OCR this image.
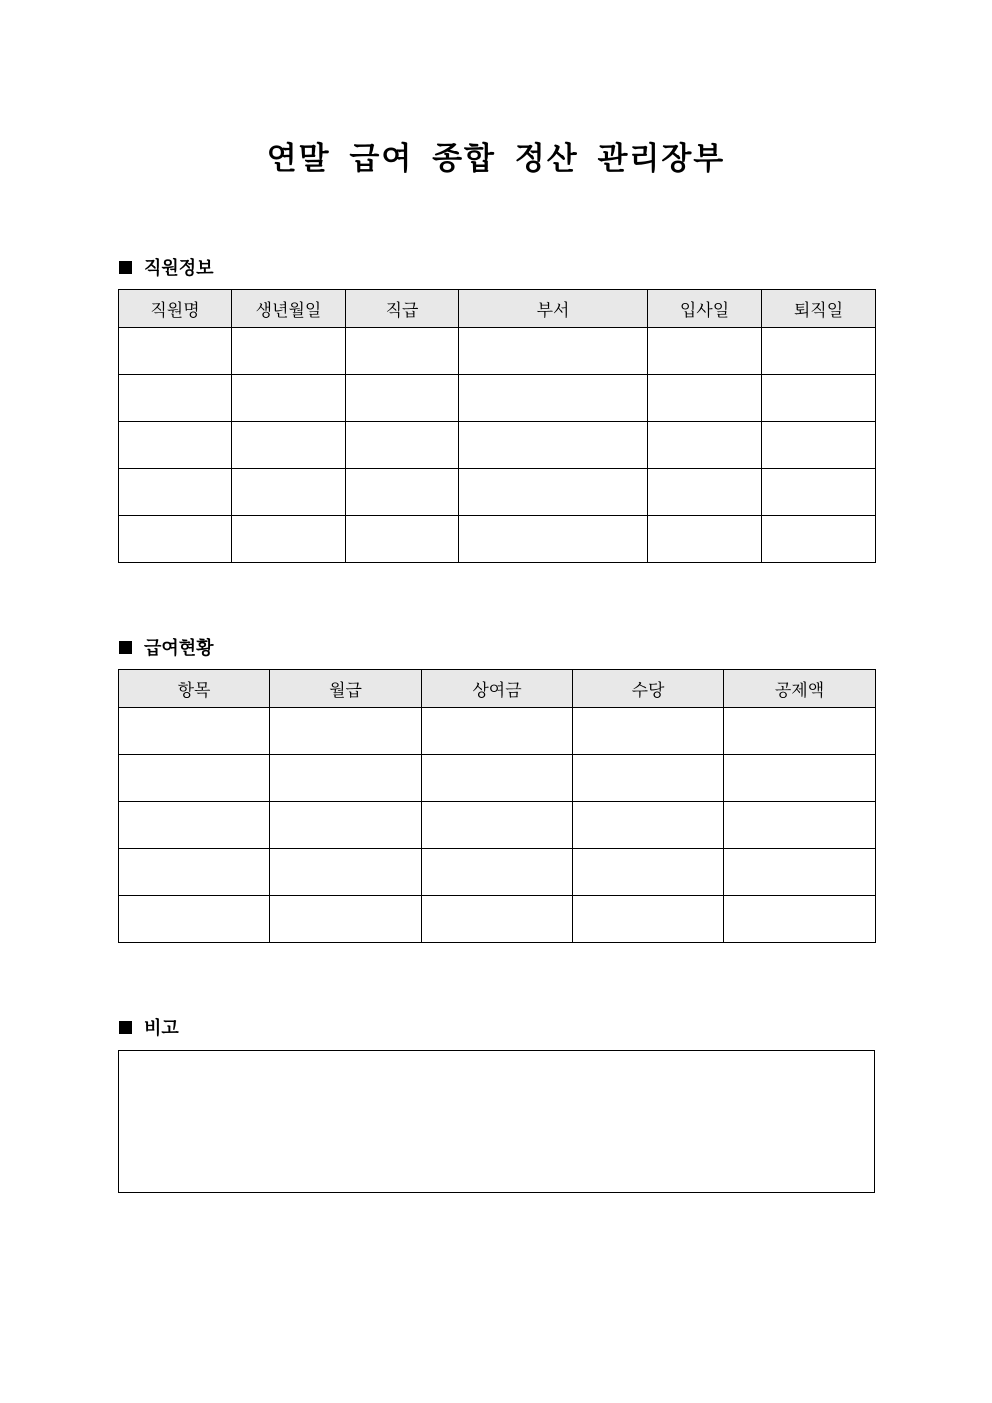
연말 급여 종합 정산 관리장부
직원정보
직원명	생년월일	직급	부서	입사일	퇴직일

급여현황
항목	월급	상여금	수당	공제액

비고
